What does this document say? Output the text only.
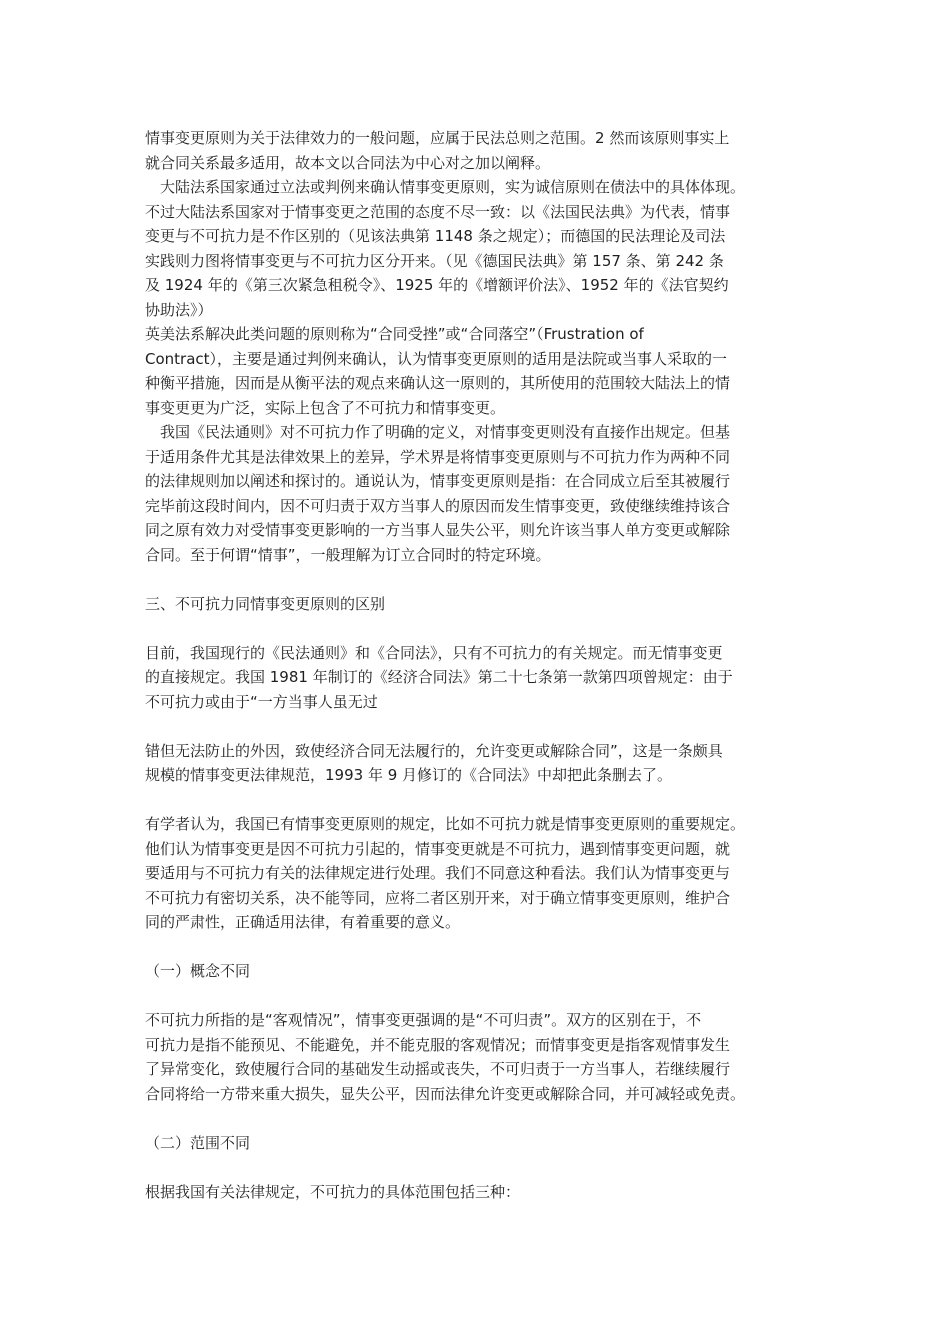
情事变更原则为关于法律效力的一般问题，应属于民法总则之范围。2 然而该原则事实上
就合同关系最多适用，故本文以合同法为中心对之加以阐释。
　大陆法系国家通过立法或判例来确认情事变更原则，实为诚信原则在债法中的具体体现。
不过大陆法系国家对于情事变更之范围的态度不尽一致：以《法国民法典》为代表，情事
变更与不可抗力是不作区别的（见该法典第 1148 条之规定）；而德国的民法理论及司法
实践则力图将情事变更与不可抗力区分开来。（见《德国民法典》第 157 条、第 242 条
及 1924 年的《第三次紧急租税令》、1925 年的《增额评价法》、1952 年的《法官契约
协助法》）
英美法系解决此类问题的原则称为“合同受挫”或“合同落空”（Frustration of
Contract），主要是通过判例来确认，认为情事变更原则的适用是法院或当事人采取的一
种衡平措施，因而是从衡平法的观点来确认这一原则的，其所使用的范围较大陆法上的情
事变更更为广泛，实际上包含了不可抗力和情事变更。
　我国《民法通则》对不可抗力作了明确的定义，对情事变更则没有直接作出规定。但基
于适用条件尤其是法律效果上的差异，学术界是将情事变更原则与不可抗力作为两种不同
的法律规则加以阐述和探讨的。通说认为，情事变更原则是指：在合同成立后至其被履行
完毕前这段时间内，因不可归责于双方当事人的原因而发生情事变更，致使继续维持该合
同之原有效力对受情事变更影响的一方当事人显失公平，则允许该当事人单方变更或解除
合同。至于何谓“情事”，一般理解为订立合同时的特定环境。
三、不可抗力同情事变更原则的区别
目前，我国现行的《民法通则》和《合同法》，只有不可抗力的有关规定。而无情事变更
的直接规定。我国 1981 年制订的《经济合同法》第二十七条第一款第四项曾规定：由于
不可抗力或由于“一方当事人虽无过
错但无法防止的外因，致使经济合同无法履行的，允许变更或解除合同”，这是一条颇具
规模的情事变更法律规范，1993 年 9 月修订的《合同法》中却把此条删去了。
有学者认为，我国已有情事变更原则的规定，比如不可抗力就是情事变更原则的重要规定。
他们认为情事变更是因不可抗力引起的，情事变更就是不可抗力，遇到情事变更问题，就
要适用与不可抗力有关的法律规定进行处理。我们不同意这种看法。我们认为情事变更与
不可抗力有密切关系，决不能等同，应将二者区别开来，对于确立情事变更原则，维护合
同的严肃性，正确适用法律，有着重要的意义。
（一）概念不同
不可抗力所指的是“客观情况”，情事变更强调的是“不可归责”。双方的区别在于，不
可抗力是指不能预见、不能避免，并不能克服的客观情况；而情事变更是指客观情事发生
了异常变化，致使履行合同的基础发生动摇或丧失，不可归责于一方当事人，若继续履行
合同将给一方带来重大损失，显失公平，因而法律允许变更或解除合同，并可减轻或免责。
（二）范围不同
根据我国有关法律规定，不可抗力的具体范围包括三种：
